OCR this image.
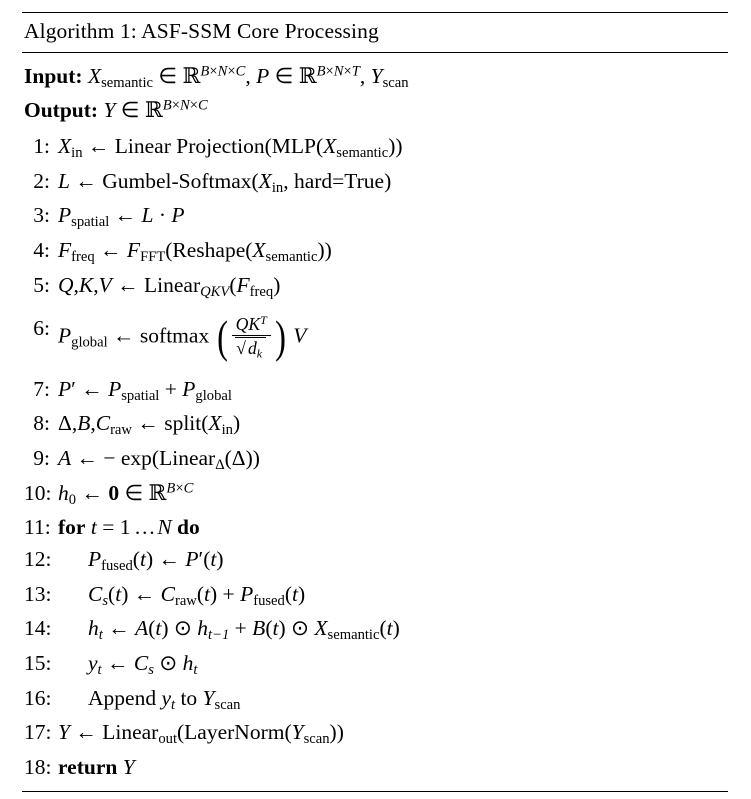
Algorithm 1: ASF-SSM Core Processing
Input: $X_{semantic}$ ∈ ℝ$^{B\times N\times C}$, P ∈ ℝ$^{B\times N\times T}$, $Y_{scan}$
Output: Y ∈ ℝ$^{B\times N\times C}$
1: $X_{in}$ ← Linear $Projection(MLP(X_{semantic}))$
2: L ← Gumbel-$Softmax(X_{in}$, hard=True)
3: $P_{spatial}$ ← L · P
4: $F_{freq}$ ← $F_{FFT}(Reshape(X_{semantic}))$
5: Q,K,V ← $Linear_{QKV}(F_{freq})$
6: $P_{global}$ ← softmax ( $\frac{QK^T}{√ d_k}$ ) V
7: P′ ← $P_{spatial} + P_{global}$
8: $\Delta,B,C_{raw}$ ← $split(X_{in})$
9: A ← − exp(Linear$_\Delta$(Δ))
10: $h_0$ ← 0 ∈ ℝ$^{B\times C}$
11: for t = 1  … N do
12:	$P_{fused}(t)$ ← P′(t)
13:	$C_s(t)$ ← $C_{raw}(t) + P_{fused}(t)$
14:	$h_t$ ← A(t) ⊙ $h_{t-1} + B(t)$ ⊙ $X_{semantic}(t)$
15:	$y_t$ ← $C_s$ ⊙ $h_t$
16:	Append $y_t$ to $Y_{scan}$
17: Y ← $Linear_{out}(LayerNorm(Y_{scan}))$
18: return Y
